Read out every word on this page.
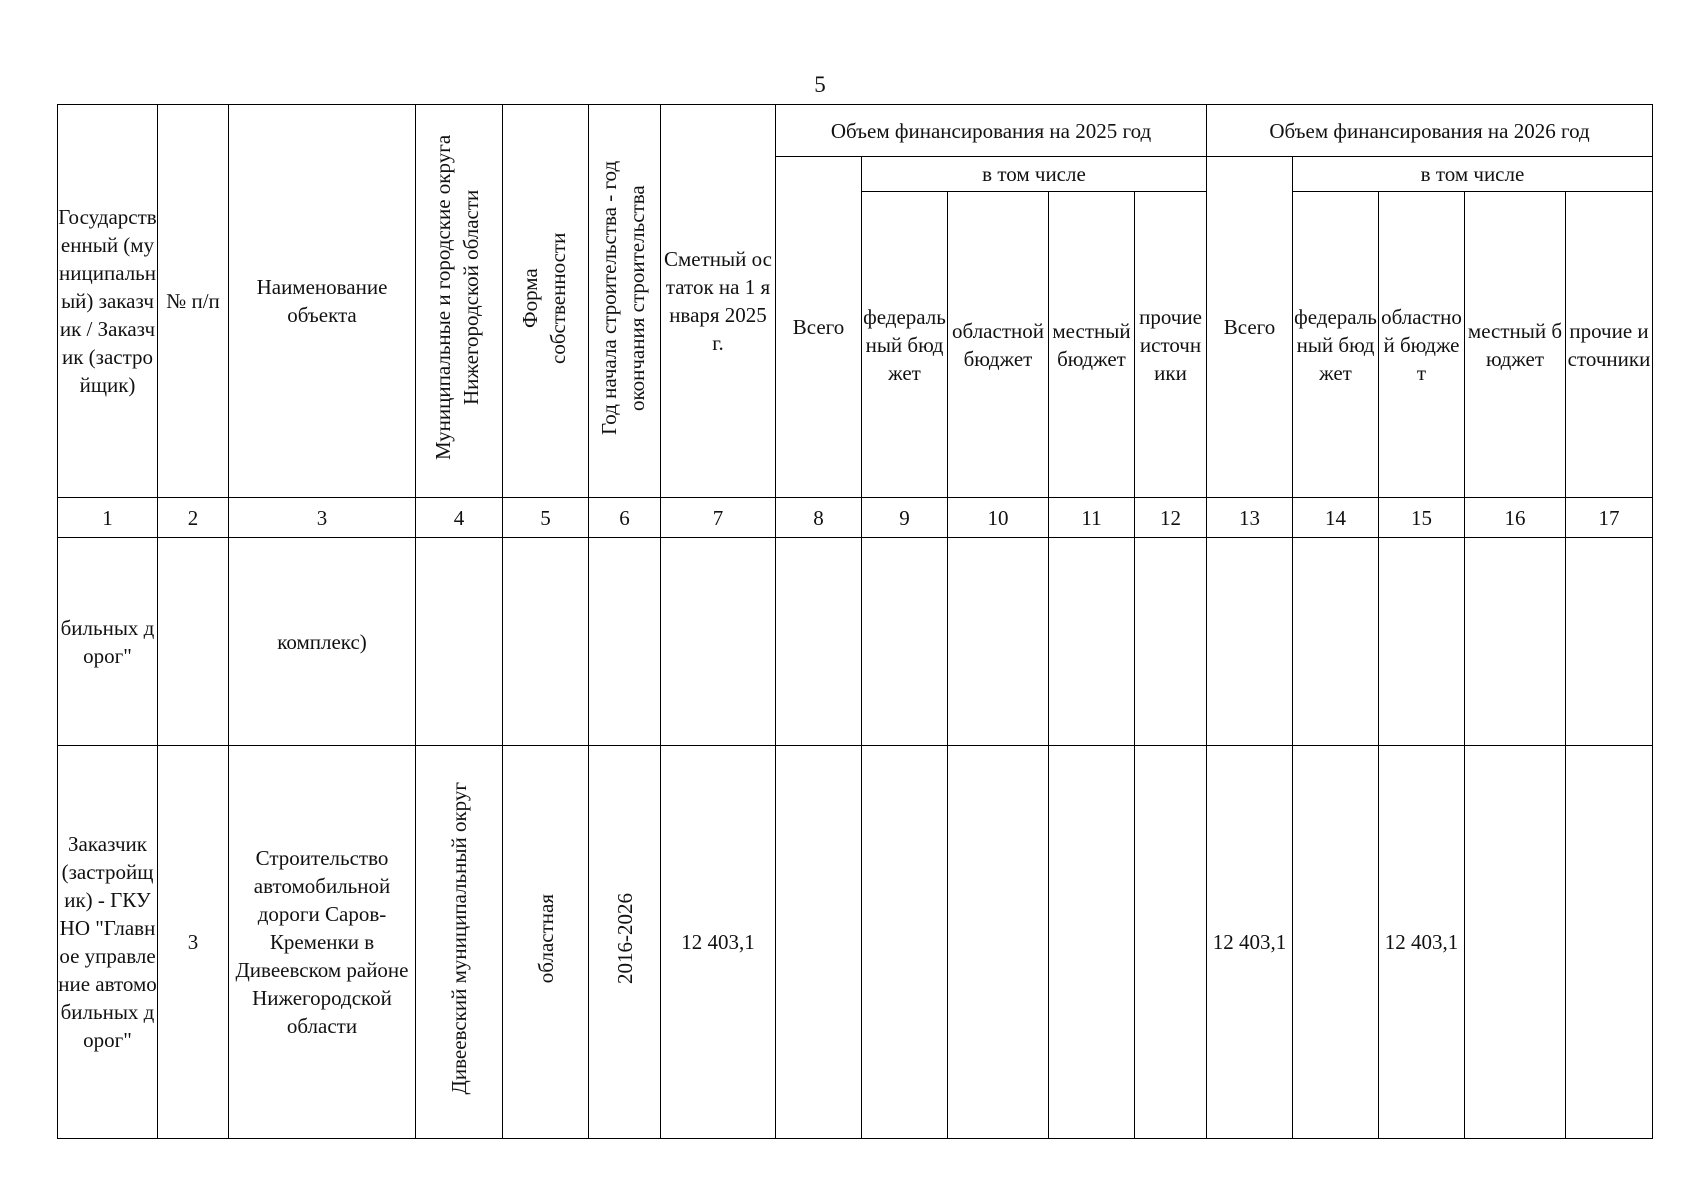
5
Государственный (муниципальный) заказчик / Заказчик (застройщик)	№ п/п	Наименование объекта	Муниципальные и городские округа Нижегородской области	Форма собственности	Год начала строительства - год окончания строительства	Сметный остаток на 1 января 2025 г.	Объем финансирования на 2025 год					Объем финансирования на 2026 год				
							Всего	в том числе				Всего	в том числе			
								федеральный бюджет	областной бюджет	местный бюджет	прочие источники		федеральный бюджет	областной бюджет	местный бюджет	прочие источники
1	2	3	4	5	6	7	8	9	10	11	12	13	14	15	16	17
бильных дорог"		комплекс)														
Заказчик (застройщик) - ГКУ НО "Главное управление автомобильных дорог"	3	Строительство автомобильной дороги Саров-Кременки в Дивеевском районе Нижегородской области	Дивеевский муниципальный округ	областная	2016-2026	12 403,1						12 403,1		12 403,1		
